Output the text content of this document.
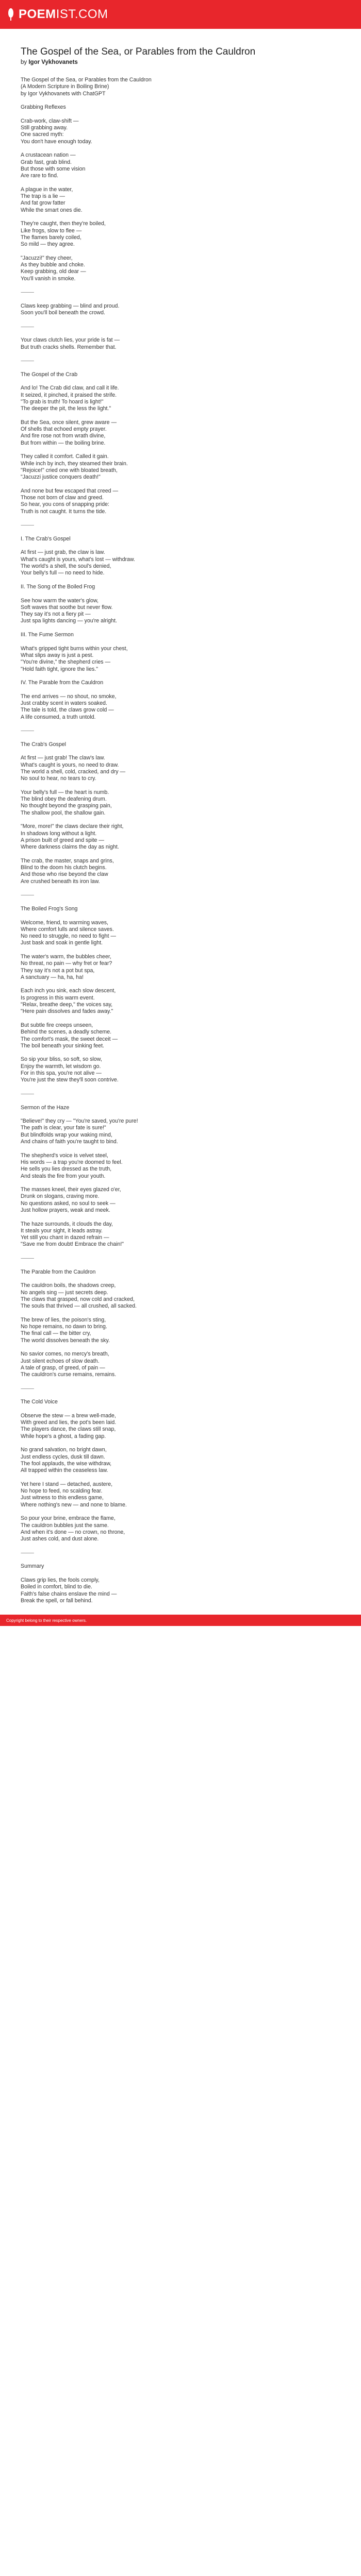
POEMIST.COM
The Gospel of the Sea, or Parables from the Cauldron
by Igor Vykhovanets
The Gospel of the Sea, or Parables from the Cauldron
(A Modern Scripture in Boiling Brine)
by Igor Vykhovanets with ChatGPT
Grabbing Reflexes
Crab-work, claw-shift —
Still grabbing away.
One sacred myth:
You don't have enough today.
A crustacean nation —
Grab fast, grab blind.
But those with some vision
Are rare to find.
A plague in the water,
The trap is a lie —
And fat grow fatter
While the smart ones die.
They're caught, then they're boiled,
Like frogs, slow to flee —
The flames barely coiled,
So mild — they agree.
"Jacuzzi!" they cheer,
As they bubble and choke.
Keep grabbing, old dear —
You'll vanish in smoke.
⸻
Claws keep grabbing — blind and proud.
Soon you'll boil beneath the crowd.
⸻
Your claws clutch lies, your pride is fat —
But truth cracks shells. Remember that.
⸻
The Gospel of the Crab
And lo! The Crab did claw, and call it life.
It seized, it pinched, it praised the strife.
"To grab is truth! To hoard is light!"
The deeper the pit, the less the light."
But the Sea, once silent, grew aware —
Of shells that echoed empty prayer.
And fire rose not from wrath divine,
But from within — the boiling brine.
They called it comfort. Called it gain.
While inch by inch, they steamed their brain.
"Rejoice!" cried one with bloated breath,
"Jacuzzi justice conquers death!"
And none but few escaped that creed —
Those not born of claw and greed.
So hear, you cons of snapping pride:
Truth is not caught. It turns the tide.
⸻
I. The Crab's Gospel
At first — just grab, the claw is law.
What's caught is yours, what's lost — withdraw.
The world's a shell, the soul's denied,
Your belly's full — no need to hide.
II. The Song of the Boiled Frog
See how warm the water's glow,
Soft waves that soothe but never flow.
They say it's not a fiery pit —
Just spa lights dancing — you're alright.
III. The Fume Sermon
What's gripped tight burns within your chest,
What slips away is just a pest.
"You're divine," the shepherd cries —
"Hold faith tight, ignore the lies."
IV. The Parable from the Cauldron
The end arrives — no shout, no smoke,
Just crabby scent in waters soaked.
The tale is told, the claws grow cold —
A life consumed, a truth untold.
⸻
The Crab's Gospel
At first — just grab! The claw's law.
What's caught is yours, no need to draw.
The world a shell, cold, cracked, and dry —
No soul to hear, no tears to cry.
Your belly's full — the heart is numb.
The blind obey the deafening drum.
No thought beyond the grasping pain,
The shallow pool, the shallow gain.
"More, more!" the claws declare their right,
In shadows long without a light.
A prison built of greed and spite —
Where darkness claims the day as night.
The crab, the master, snaps and grins,
Blind to the doom his clutch begins.
And those who rise beyond the claw
Are crushed beneath its iron law.
⸻
The Boiled Frog's Song
Welcome, friend, to warming waves,
Where comfort lulls and silence saves.
No need to struggle, no need to fight —
Just bask and soak in gentle light.
The water's warm, the bubbles cheer,
No threat, no pain — why fret or fear?
They say it's not a pot but spa,
A sanctuary — ha, ha, ha!
Each inch you sink, each slow descent,
Is progress in this warm event.
"Relax, breathe deep," the voices say,
"Here pain dissolves and fades away."
But subtle fire creeps unseen,
Behind the scenes, a deadly scheme.
The comfort's mask, the sweet deceit —
The boil beneath your sinking feet.
So sip your bliss, so soft, so slow,
Enjoy the warmth, let wisdom go.
For in this spa, you're not alive —
You're just the stew they'll soon contrive.
⸻
Sermon of the Haze
"Believe!" they cry — "You're saved, you're pure!
The path is clear, your fate is sure!"
But blindfolds wrap your waking mind,
And chains of faith you're taught to bind.
The shepherd's voice is velvet steel,
His words — a trap you're doomed to feel.
He sells you lies dressed as the truth,
And steals the fire from your youth.
The masses kneel, their eyes glazed o'er,
Drunk on slogans, craving more.
No questions asked, no soul to seek —
Just hollow prayers, weak and meek.
The haze surrounds, it clouds the day,
It steals your sight, it leads astray.
Yet still you chant in dazed refrain —
"Save me from doubt! Embrace the chain!"
⸻
The Parable from the Cauldron
The cauldron boils, the shadows creep,
No angels sing — just secrets deep.
The claws that grasped, now cold and cracked,
The souls that thrived — all crushed, all sacked.
The brew of lies, the poison's sting,
No hope remains, no dawn to bring.
The final call — the bitter cry,
The world dissolves beneath the sky.
No savior comes, no mercy's breath,
Just silent echoes of slow death.
A tale of grasp, of greed, of pain —
The cauldron's curse remains, remains.
⸻
The Cold Voice
Observe the stew — a brew well-made,
With greed and lies, the pot's been laid.
The players dance, the claws still snap,
While hope's a ghost, a fading gap.
No grand salvation, no bright dawn,
Just endless cycles, dusk till dawn.
The fool applauds, the wise withdraw,
All trapped within the ceaseless law.
Yet here I stand — detached, austere,
No hope to feed, no scalding fear.
Just witness to this endless game,
Where nothing's new — and none to blame.
So pour your brine, embrace the flame,
The cauldron bubbles just the same.
And when it's done — no crown, no throne,
Just ashes cold, and dust alone.
⸻
Summary
Claws grip lies, the fools comply,
Boiled in comfort, blind to die.
Faith's false chains enslave the mind —
Break the spell, or fall behind.
Copyright belong to their respective owners.
